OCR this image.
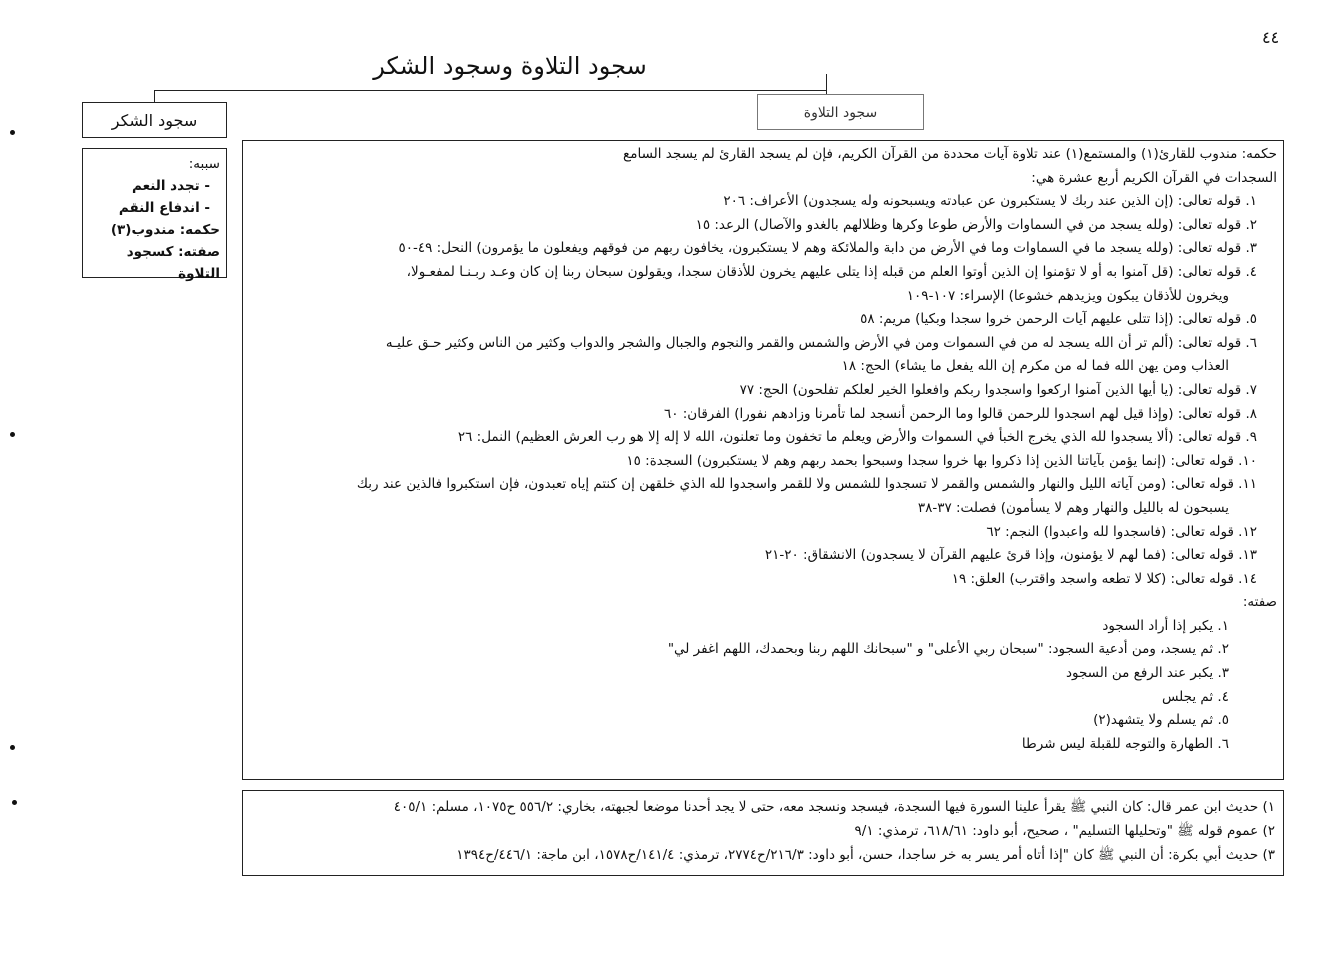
٤٤
سجود التلاوة وسجود الشكر
سجود الشكر	سجود التلاوة
سببه:
- تجدد النعم
- اندفاع النقم
حكمه: مندوب(٣)
صفته: كسجود التلاوة

حكمه: مندوب للقارئ(١) والمستمع(١) عند تلاوة آيات محددة من القرآن الكريم، فإن لم يسجد القارئ لم يسجد السامع

السجدات في القرآن الكريم أربع عشرة هي:

١. قوله تعالى: (إن الذين عند ربك لا يستكبرون عن عبادته ويسبحونه وله يسجدون) الأعراف: ٢٠٦

٢. قوله تعالى: (ولله يسجد من في السماوات والأرض طوعا وكرها وظلالهم بالغدو والآصال) الرعد: ١٥

٣. قوله تعالى: (ولله يسجد ما في السماوات وما في الأرض من دابة والملائكة وهم لا يستكبرون، يخافون ربهم من فوقهم ويفعلون ما يؤمرون) النحل: ٤٩-٥٠

٤. قوله تعالى: (قل آمنوا به أو لا تؤمنوا إن الذين أوتوا العلم من قبله إذا يتلى عليهم يخرون للأذقان سجدا، ويقولون سبحان ربنا إن كان وعـد ربـنـا لمفعـولا،

ويخرون للأذقان يبكون ويزيدهم خشوعا) الإسراء: ١٠٧-١٠٩

٥. قوله تعالى: (إذا تتلى عليهم آيات الرحمن خروا سجدا وبكيا) مريم: ٥٨

٦. قوله تعالى: (ألم تر أن الله يسجد له من في السموات ومن في الأرض والشمس والقمر والنجوم والجبال والشجر والدواب وكثير من الناس وكثير حـق عليـه

العذاب ومن يهن الله فما له من مكرم إن الله يفعل ما يشاء) الحج: ١٨

٧. قوله تعالى: (يا أيها الذين آمنوا اركعوا واسجدوا ربكم وافعلوا الخير لعلكم تفلحون) الحج: ٧٧

٨. قوله تعالى: (وإذا قيل لهم اسجدوا للرحمن قالوا وما الرحمن أنسجد لما تأمرنا وزادهم نفورا) الفرقان: ٦٠

٩. قوله تعالى: (ألا يسجدوا لله الذي يخرج الخبأ في السموات والأرض ويعلم ما تخفون وما تعلنون، الله لا إله إلا هو رب العرش العظيم) النمل: ٢٦

١٠. قوله تعالى: (إنما يؤمن بآياتنا الذين إذا ذكروا بها خروا سجدا وسبحوا بحمد ربهم وهم لا يستكبرون) السجدة: ١٥

١١. قوله تعالى: (ومن آياته الليل والنهار والشمس والقمر لا تسجدوا للشمس ولا للقمر واسجدوا لله الذي خلقهن إن كنتم إياه تعبدون، فإن استكبروا فالذين عند ربك

يسبحون له بالليل والنهار وهم لا يسأمون) فصلت: ٣٧-٣٨

١٢. قوله تعالى: (فاسجدوا لله واعبدوا) النجم: ٦٢

١٣. قوله تعالى: (فما لهم لا يؤمنون، وإذا قرئ عليهم القرآن لا يسجدون) الانشقاق: ٢٠-٢١

١٤. قوله تعالى: (كلا لا تطعه واسجد واقترب) العلق: ١٩

صفته:

١. يكبر إذا أراد السجود

٢. ثم يسجد، ومن أدعية السجود: "سبحان ربي الأعلى" و "سبحانك اللهم ربنا وبحمدك، اللهم اغفر لي"

٣. يكبر عند الرفع من السجود

٤. ثم يجلس

٥. ثم يسلم ولا يتشهد(٢)

٦. الطهارة والتوجه للقبلة ليس شرطا

١) حديث ابن عمر قال: كان النبي ﷺ يقرأ علينا السورة فيها السجدة، فيسجد ونسجد معه، حتى لا يجد أحدنا موضعا لجبهته، بخاري: ٥٥٦/٢ ح١٠٧٥، مسلم: ٤٠٥/١

٢) عموم قوله ﷺ "وتحليلها التسليم" ، صحيح، أبو داود: ٦١٨/٦١، ترمذي: ٩/١

٣) حديث أبي بكرة: أن النبي ﷺ كان "إذا أتاه أمر يسر به خر ساجدا، حسن، أبو داود: ٢١٦/٣/ح٢٧٧٤، ترمذي: ١٤١/٤/ح١٥٧٨، ابن ماجة: ٤٤٦/١/ح١٣٩٤
